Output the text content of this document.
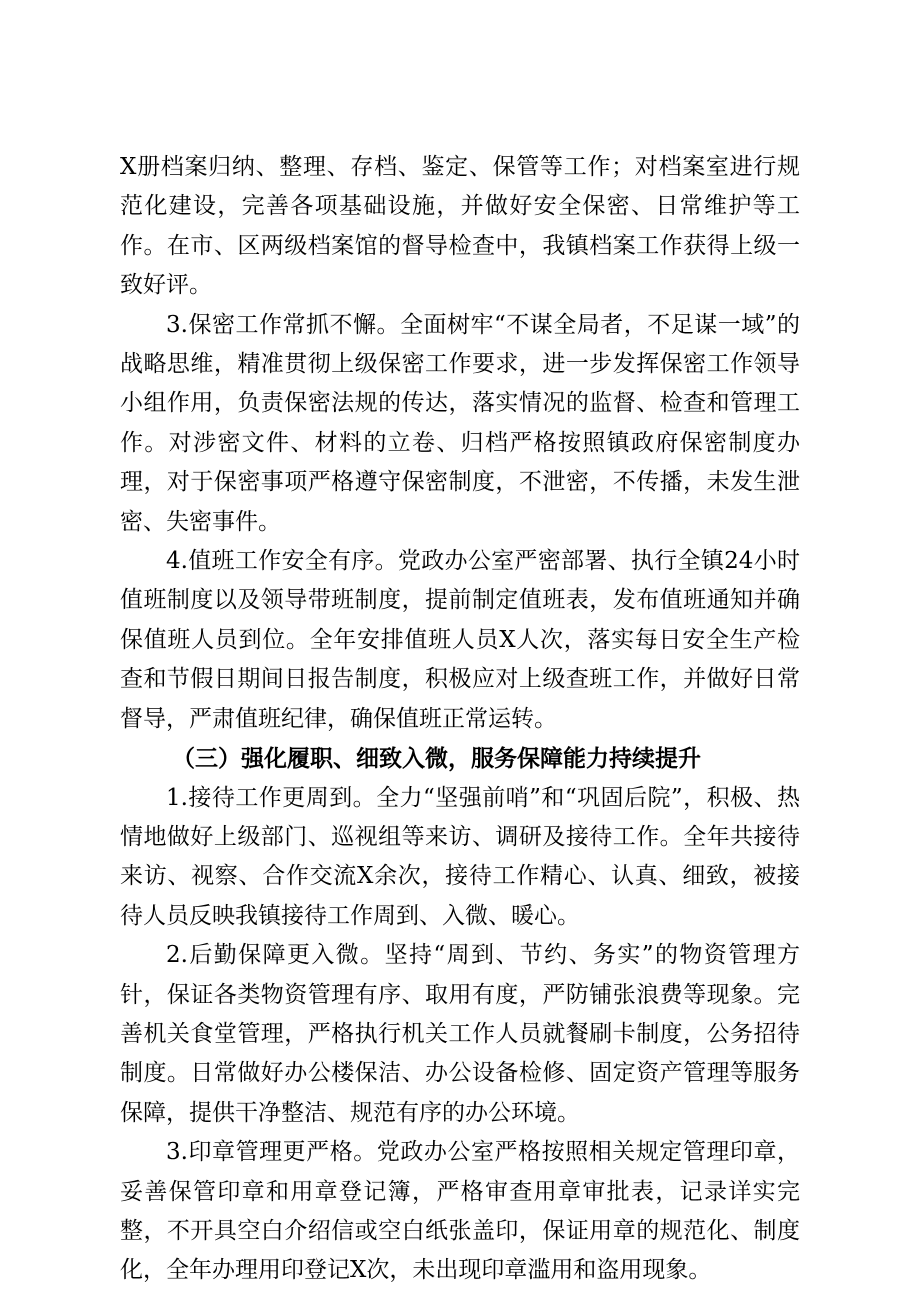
X册档案归纳、整理、存档、鉴定、保管等工作；对档案室进行规范化建设，完善各项基础设施，并做好安全保密、日常维护等工作。在市、区两级档案馆的督导检查中，我镇档案工作获得上级一致好评。

3.保密工作常抓不懈。全面树牢“不谋全局者，不足谋一域”的战略思维，精准贯彻上级保密工作要求，进一步发挥保密工作领导小组作用，负责保密法规的传达，落实情况的监督、检查和管理工作。对涉密文件、材料的立卷、归档严格按照镇政府保密制度办理，对于保密事项严格遵守保密制度，不泄密，不传播，未发生泄密、失密事件。

4.值班工作安全有序。党政办公室严密部署、执行全镇24小时值班制度以及领导带班制度，提前制定值班表，发布值班通知并确保值班人员到位。全年安排值班人员X人次，落实每日安全生产检查和节假日期间日报告制度，积极应对上级查班工作，并做好日常督导，严肃值班纪律，确保值班正常运转。

（三）强化履职、细致入微，服务保障能力持续提升

1.接待工作更周到。全力“坚强前哨”和“巩固后院”，积极、热情地做好上级部门、巡视组等来访、调研及接待工作。全年共接待来访、视察、合作交流X余次，接待工作精心、认真、细致，被接待人员反映我镇接待工作周到、入微、暖心。

2.后勤保障更入微。坚持“周到、节约、务实”的物资管理方针，保证各类物资管理有序、取用有度，严防铺张浪费等现象。完善机关食堂管理，严格执行机关工作人员就餐刷卡制度，公务招待制度。日常做好办公楼保洁、办公设备检修、固定资产管理等服务保障，提供干净整洁、规范有序的办公环境。

3.印章管理更严格。党政办公室严格按照相关规定管理印章，妥善保管印章和用章登记簿，严格审查用章审批表，记录详实完整，不开具空白介绍信或空白纸张盖印，保证用章的规范化、制度化，全年办理用印登记X次，未出现印章滥用和盗用现象。
